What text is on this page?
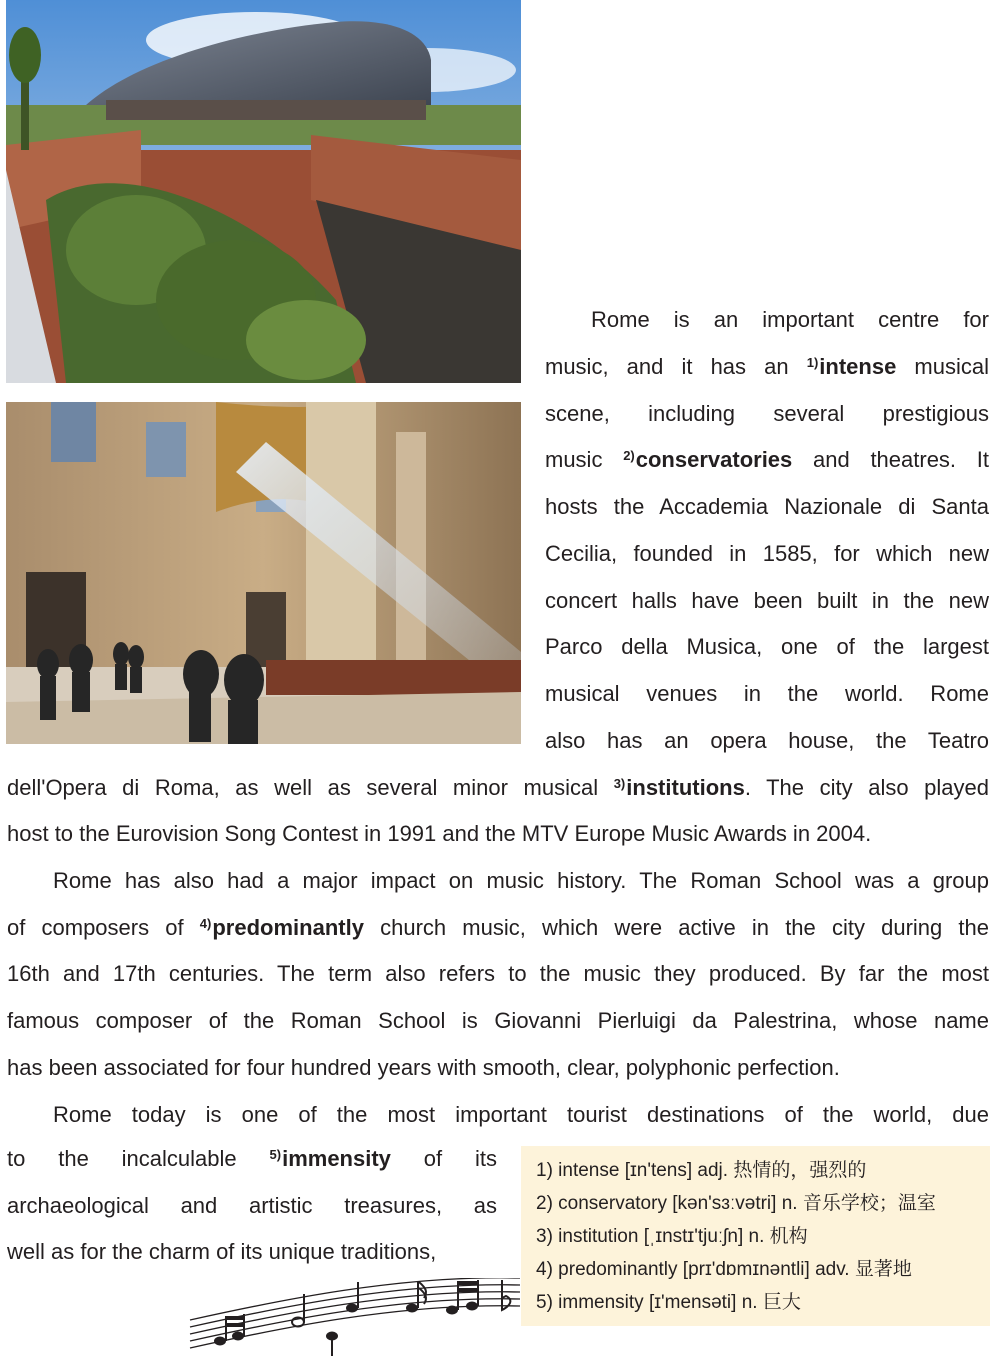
Rome is an important centre for

music, and it has an $^{1)}$intense musical

scene, including several prestigious

music $^{2)}$conservatories and theatres. It

hosts the Accademia Nazionale di Santa

Cecilia, founded in 1585, for which new

concert halls have been built in the new

Parco della Musica, one of the largest

musical venues in the world. Rome

also has an opera house, the Teatro

dell'Opera di Roma, as well as several minor musical $^{3)}$institutions. The city also played

host to the Eurovision Song Contest in 1991 and the MTV Europe Music Awards in 2004.

Rome has also had a major impact on music history. The Roman School was a group

of composers of $^{4)}$predominantly church music, which were active in the city during the

16th and 17th centuries. The term also refers to the music they produced. By far the most

famous composer of the Roman School is Giovanni Pierluigi da Palestrina, whose name

has been associated for four hundred years with smooth, clear, polyphonic perfection.

Rome today is one of the most important tourist destinations of the world, due

to the incalculable	$^{5)}$immensity of its

archaeological and artistic treasures, as

well as for the charm of its unique traditions,

1) intense [ɪn'tens] adj. 热情的，强烈的

2) conservatory [kən'sɜːvətri] n. 音乐学校；温室

3) institution [ˌɪnstɪ'tjuːʃn] n. 机构

4) predominantly [prɪ'dɒmɪnəntli] adv. 显著地

5) immensity [ɪ'mensəti] n. 巨大
